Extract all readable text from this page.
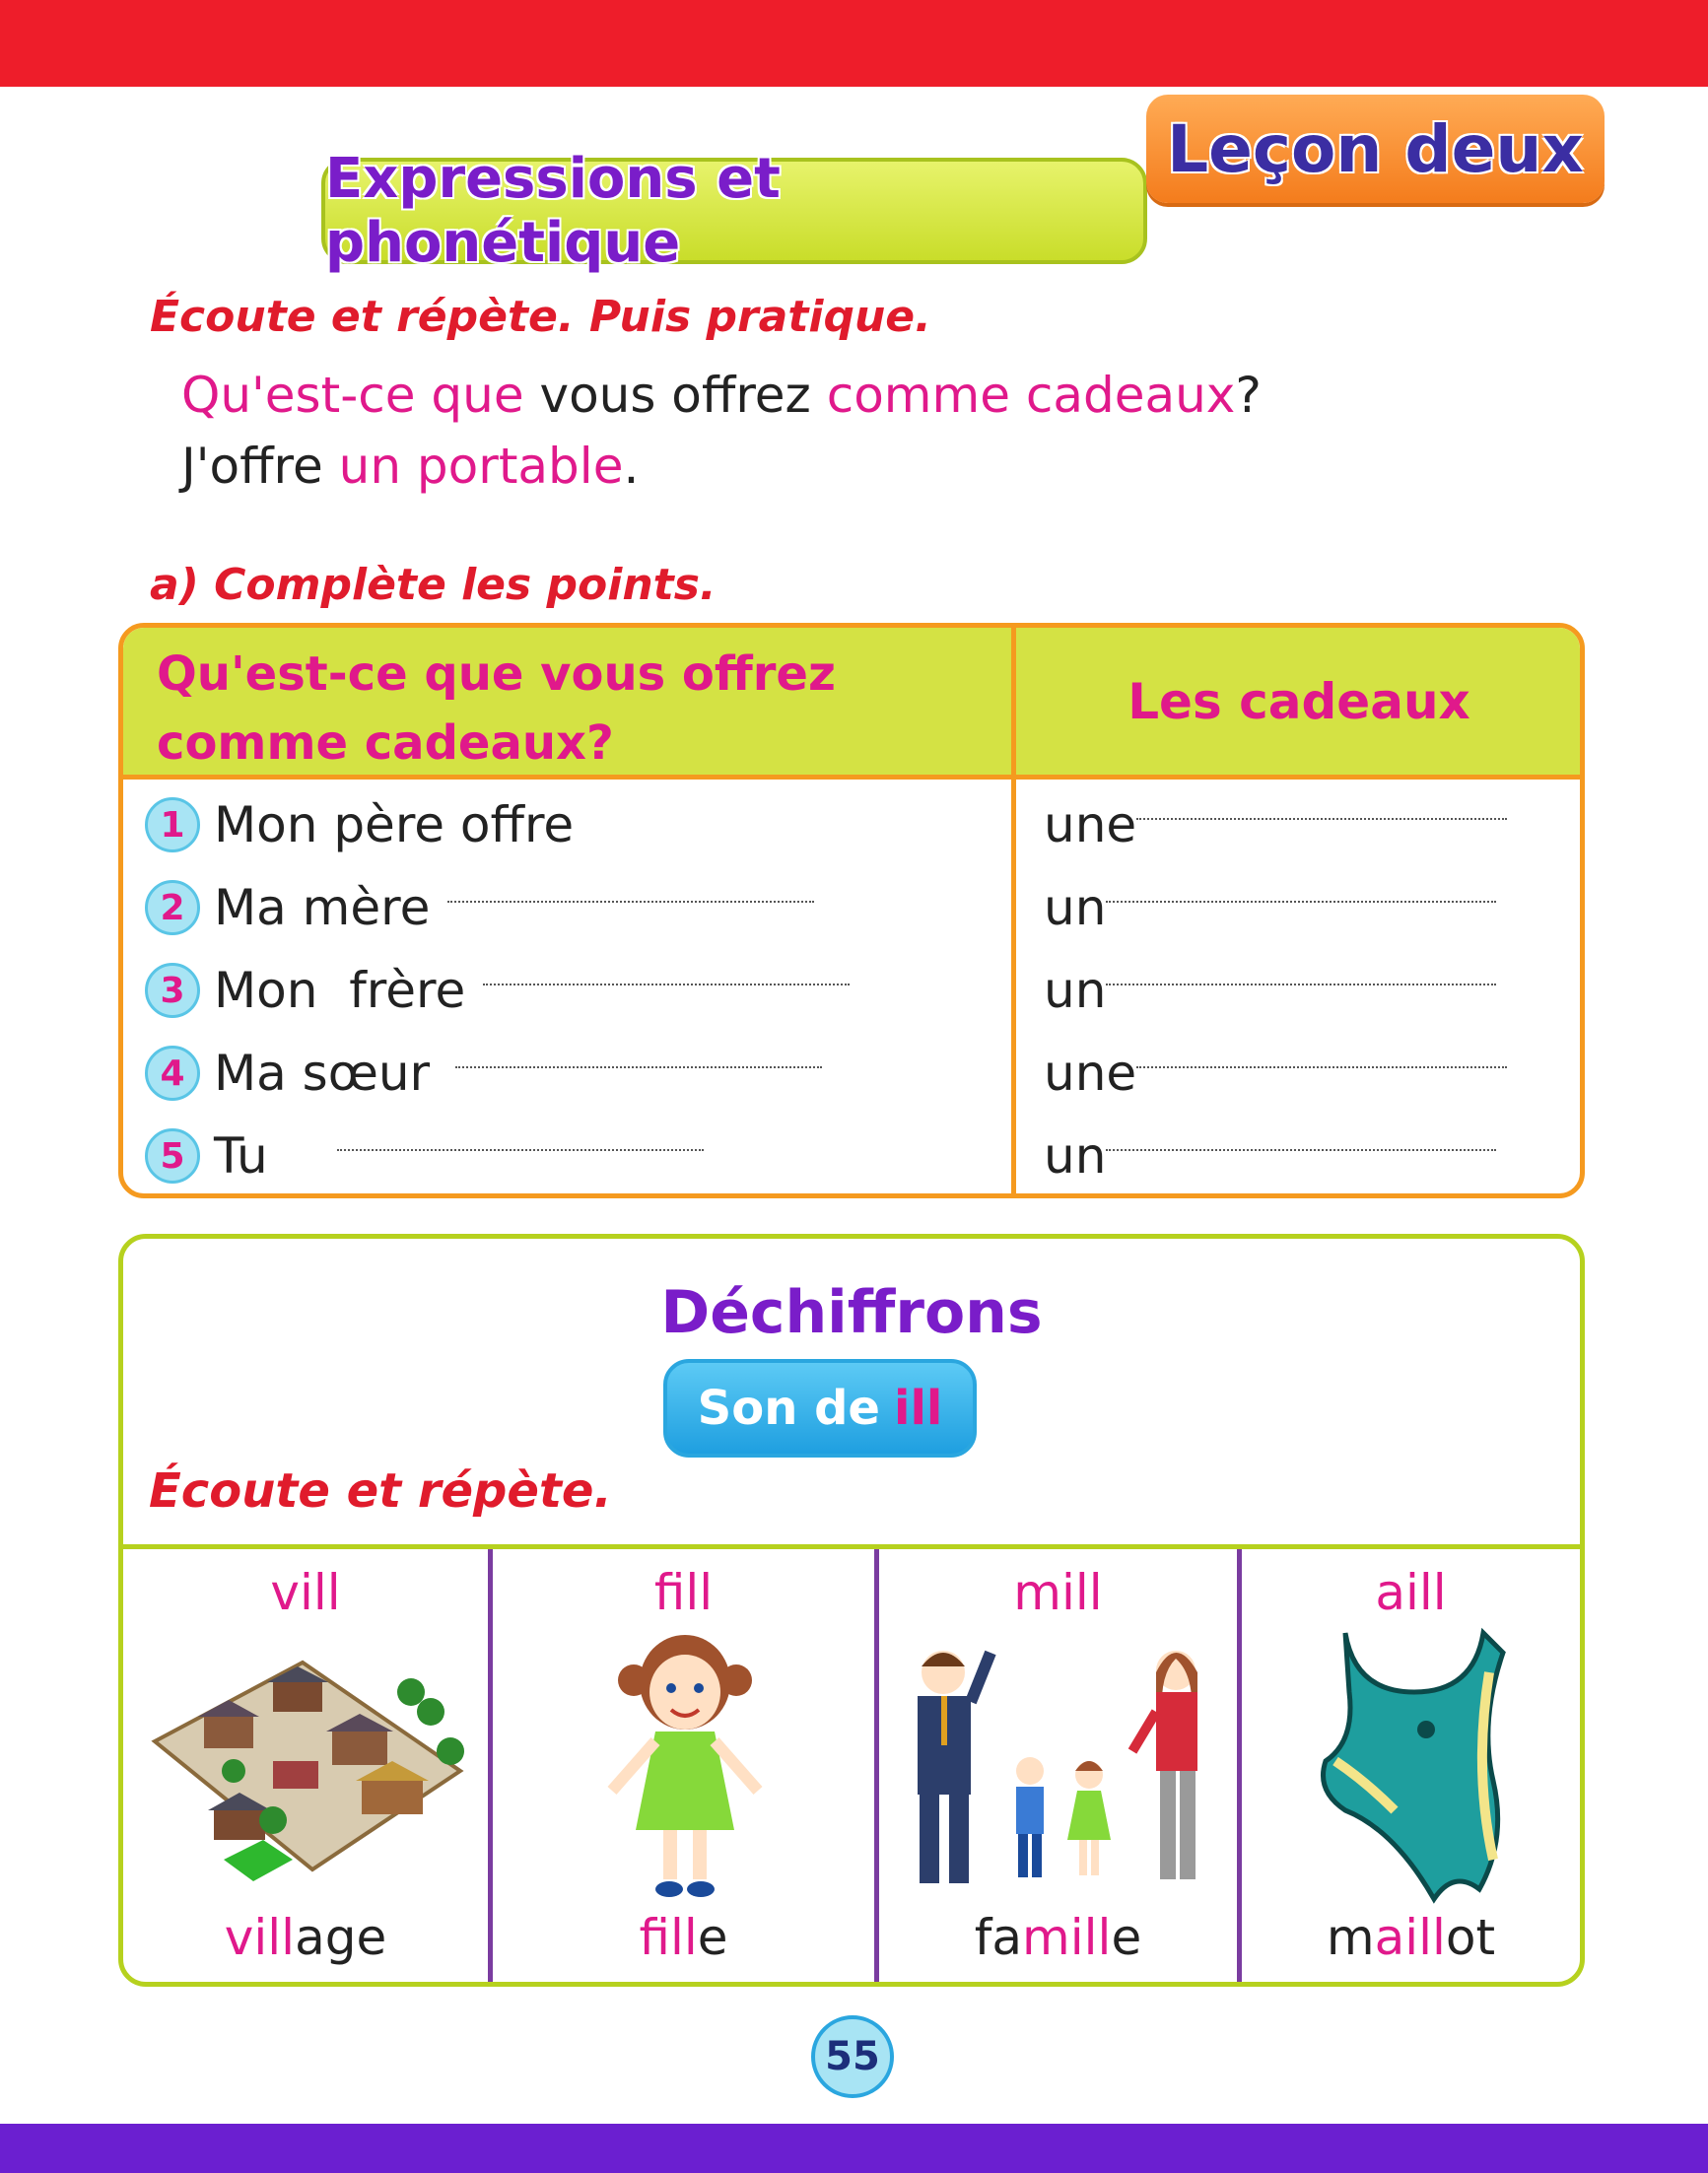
Expressions et phonétique
Leçon deux
Écoute et répète. Puis pratique.
Qu'est-ce que vous offrez comme cadeaux?
J'offre un portable.
a) Complète les points.
Qu'est-ce que vous offrez
comme cadeaux?
Les cadeaux
1 Mon père offre	une
2 Ma mère	un
3 Mon  frère	un
4 Ma sœur	une
5 Tu	un
Déchiffrons
Son de ill
Écoute et répète.
vill
village
fill
fille
mill
famille
aill
maillot
55
